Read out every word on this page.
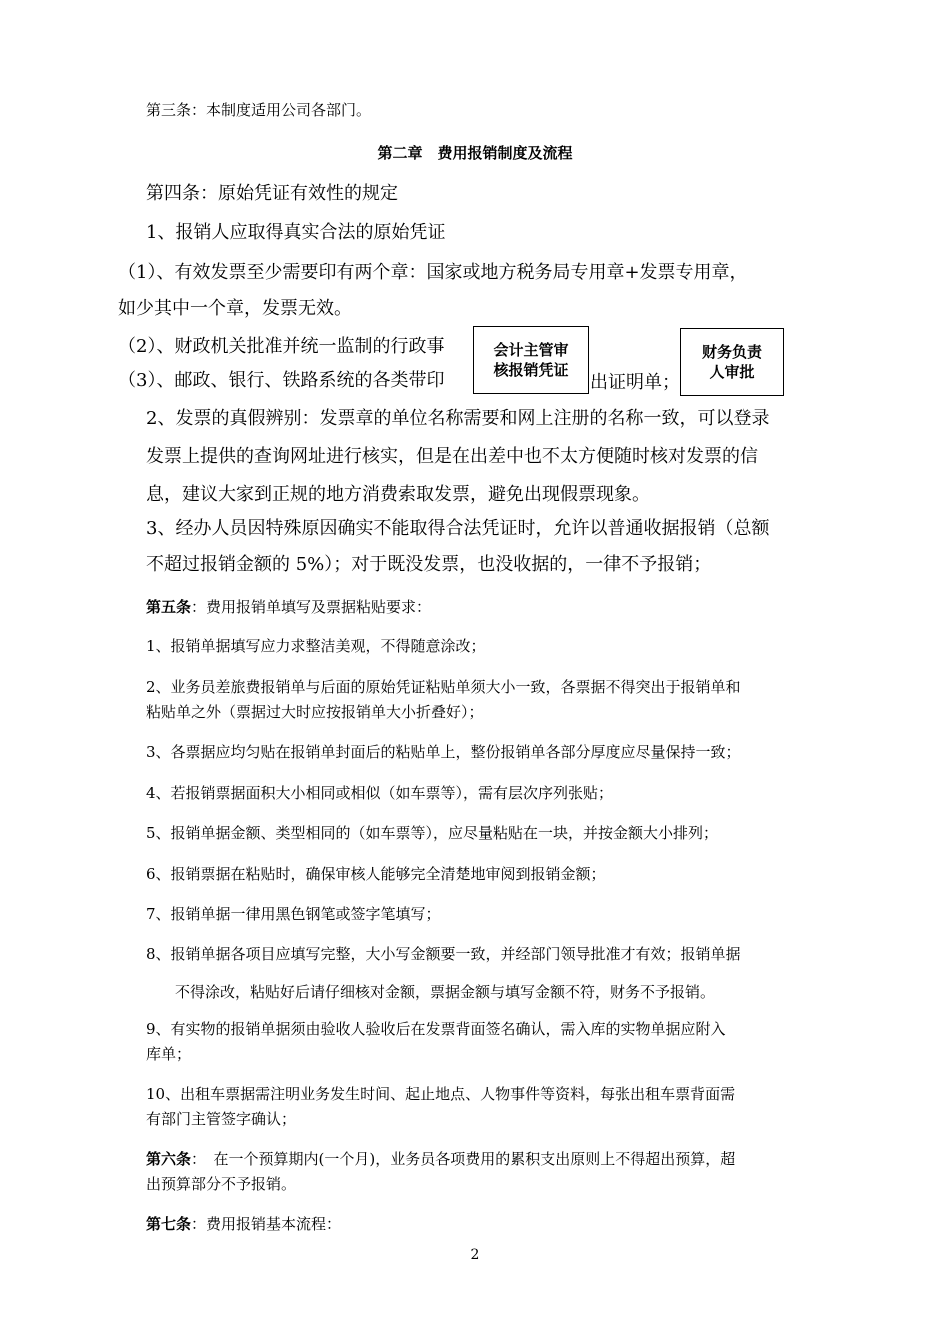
第三条：本制度适用公司各部门。
第二章　费用报销制度及流程
第四条：原始凭证有效性的规定
1、报销人应取得真实合法的原始凭证
（1）、有效发票至少需要印有两个章：国家或地方税务局专用章+发票专用章，
如少其中一个章，发票无效。
（2）、财政机关批准并统一监制的行政事
（3）、邮政、银行、铁路系统的各类带印	出证明单；
会计主管审
核报销凭证
财务负责
人审批
2、发票的真假辨别：发票章的单位名称需要和网上注册的名称一致，可以登录
发票上提供的查询网址进行核实，但是在出差中也不太方便随时核对发票的信
息，建议大家到正规的地方消费索取发票，避免出现假票现象。
3、经办人员因特殊原因确实不能取得合法凭证时，允许以普通收据报销（总额
不超过报销金额的 5%）；对于既没发票，也没收据的，一律不予报销；
第五条：费用报销单填写及票据粘贴要求：
1、报销单据填写应力求整洁美观，不得随意涂改；
2、业务员差旅费报销单与后面的原始凭证粘贴单须大小一致，各票据不得突出于报销单和
粘贴单之外（票据过大时应按报销单大小折叠好）；
3、各票据应均匀贴在报销单封面后的粘贴单上，整份报销单各部分厚度应尽量保持一致；
4、若报销票据面积大小相同或相似（如车票等），需有层次序列张贴；
5、报销单据金额、类型相同的（如车票等），应尽量粘贴在一块，并按金额大小排列；
6、报销票据在粘贴时，确保审核人能够完全清楚地审阅到报销金额；
7、报销单据一律用黑色钢笔或签字笔填写；
8、报销单据各项目应填写完整，大小写金额要一致，并经部门领导批准才有效；报销单据
不得涂改，粘贴好后请仔细核对金额，票据金额与填写金额不符，财务不予报销。
9、有实物的报销单据须由验收人验收后在发票背面签名确认，需入库的实物单据应附入
库单；
10、出租车票据需注明业务发生时间、起止地点、人物事件等资料，每张出租车票背面需
有部门主管签字确认；
第六条：　在一个预算期内(一个月)，业务员各项费用的累积支出原则上不得超出预算，超
出预算部分不予报销。
第七条：费用报销基本流程：
2
